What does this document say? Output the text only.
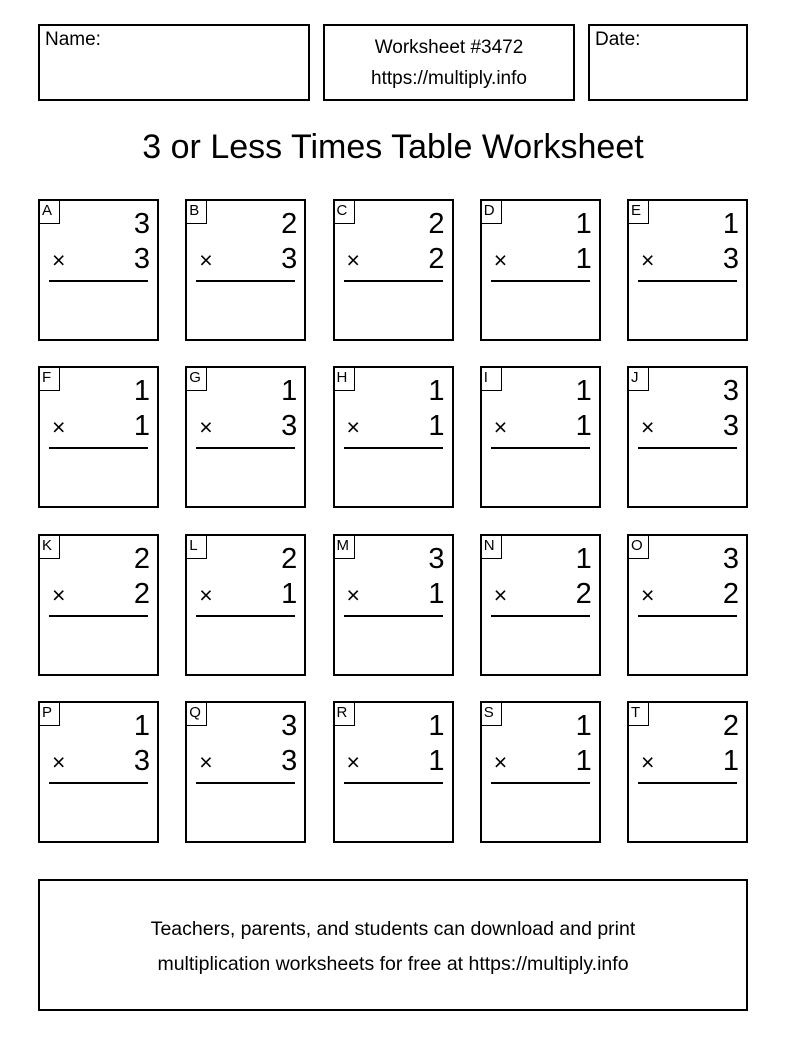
Name:	Worksheet #3472
https://multiply.info
Date:
3 or Less Times Table Worksheet
A	3
× 3
B	2
× 3
C	2
× 2
D	1
× 1
E	1
× 3
F	1
× 1
G	1
× 3
H	1
× 1
I	1
× 1
J	3
× 3
K	2
× 2
L	2
× 1
M	3
× 1
N	1
× 2
O	3
× 2
P	1
× 3
Q	3
× 3
R	1
× 1
S	1
× 1
T	2
× 1
Teachers, parents, and students can download and print
multiplication worksheets for free at https://multiply.info
